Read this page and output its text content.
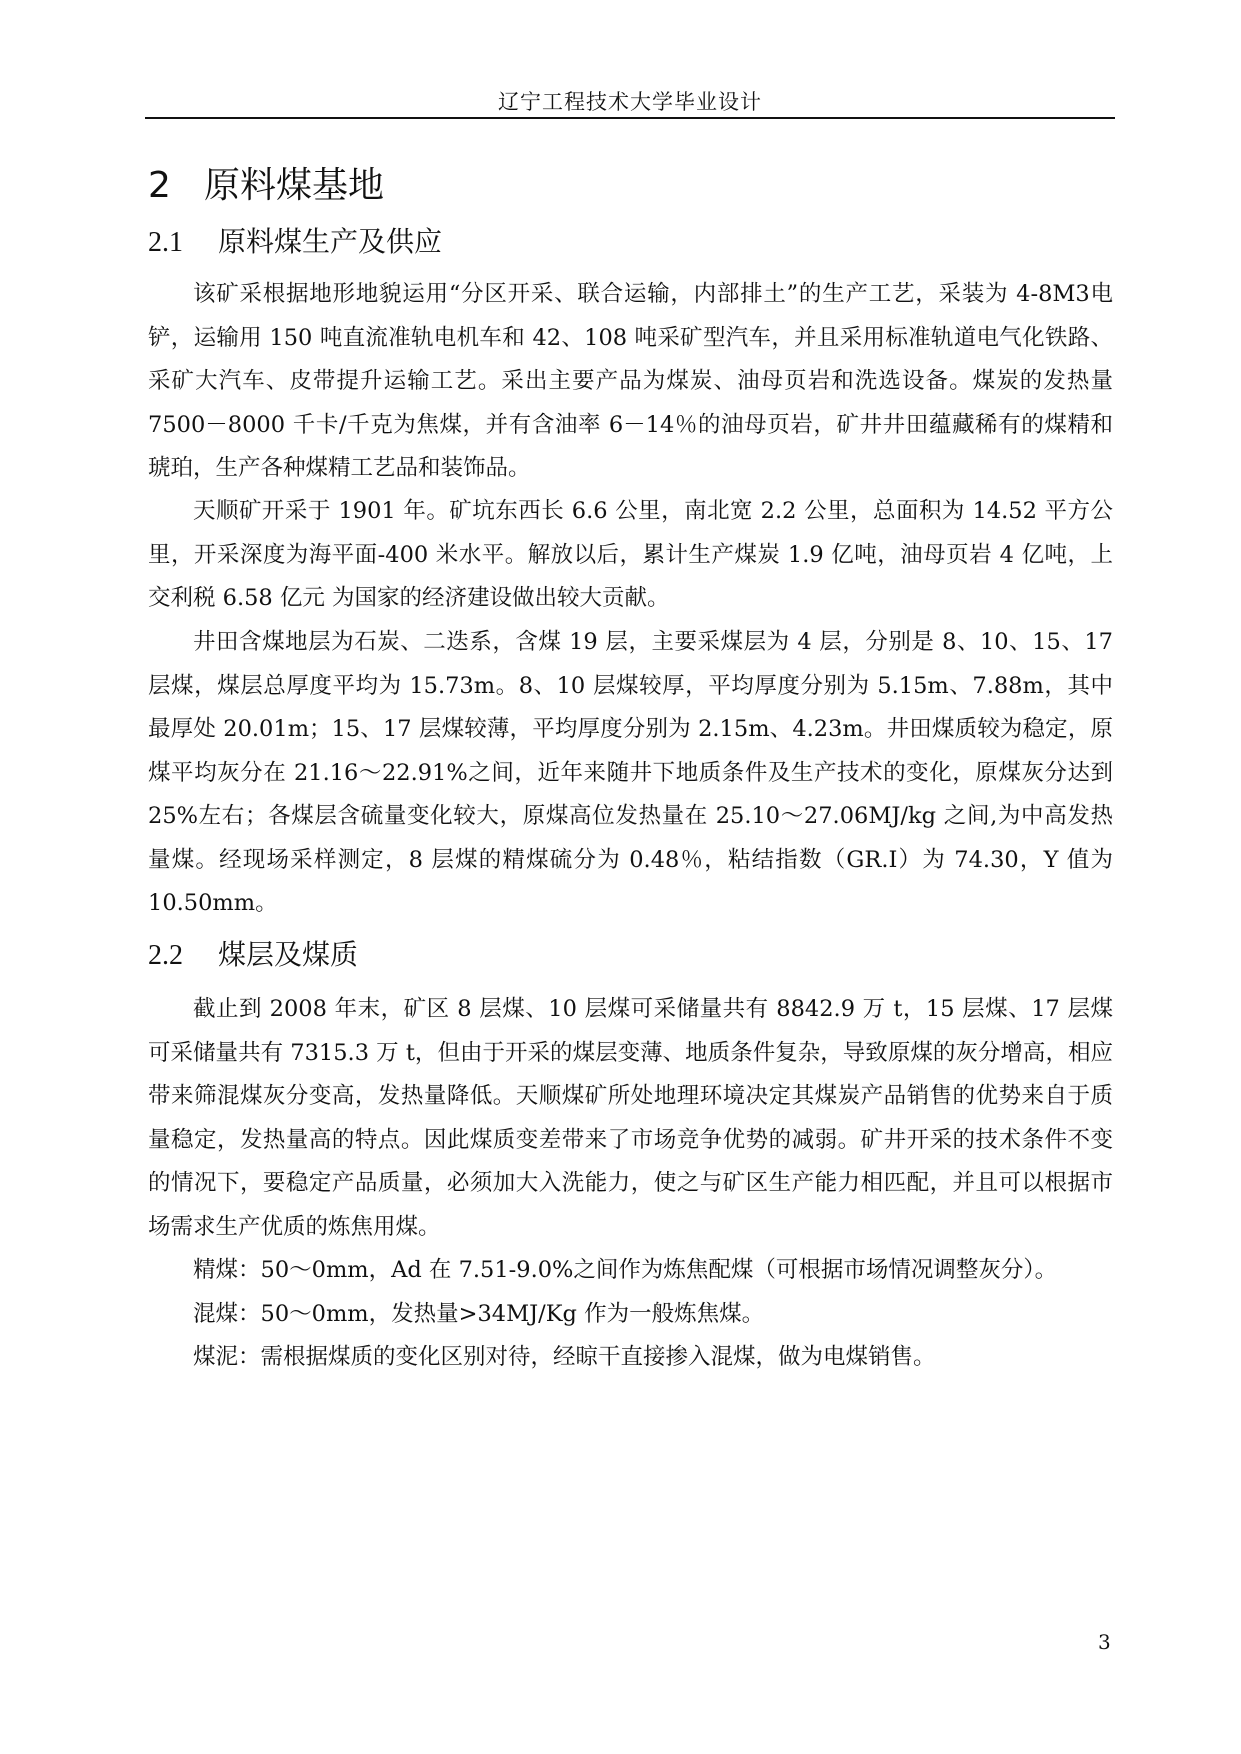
辽宁工程技术大学毕业设计
2 原料煤基地
2.1 原料煤生产及供应

该矿采根据地形地貌运用“分区开采、联合运输，内部排土”的生产工艺，采装为 4-8M3电铲，运输用 150 吨直流准轨电机车和 42、108 吨采矿型汽车，并且采用标准轨道电气化铁路、采矿大汽车、皮带提升运输工艺。采出主要产品为煤炭、油母页岩和洗选设备。煤炭的发热量 7500－8000 千卡/千克为焦煤，并有含油率 6－14％的油母页岩，矿井井田蕴藏稀有的煤精和琥珀，生产各种煤精工艺品和装饰品。

天顺矿开采于 1901 年。矿坑东西长 6.6 公里，南北宽 2.2 公里，总面积为 14.52 平方公里，开采深度为海平面-400 米水平。解放以后，累计生产煤炭 1.9 亿吨，油母页岩 4 亿吨，上交利税 6.58 亿元 为国家的经济建设做出较大贡献。

井田含煤地层为石炭、二迭系，含煤 19 层，主要采煤层为 4 层，分别是 8、10、15、17 层煤，煤层总厚度平均为 15.73m。8、10 层煤较厚，平均厚度分别为 5.15m、7.88m，其中最厚处 20.01m；15、17 层煤较薄，平均厚度分别为 2.15m、4.23m。井田煤质较为稳定，原煤平均灰分在 21.16～22.91%之间，近年来随井下地质条件及生产技术的变化，原煤灰分达到 25%左右；各煤层含硫量变化较大，原煤高位发热量在 25.10～27.06MJ/kg 之间,为中高发热量煤。经现场采样测定，8 层煤的精煤硫分为 0.48％，粘结指数（GR.I）为 74.30，Y 值为 10.50mm。

2.2 煤层及煤质

截止到 2008 年末，矿区 8 层煤、10 层煤可采储量共有 8842.9 万 t，15 层煤、17 层煤可采储量共有 7315.3 万 t，但由于开采的煤层变薄、地质条件复杂，导致原煤的灰分增高，相应带来筛混煤灰分变高，发热量降低。天顺煤矿所处地理环境决定其煤炭产品销售的优势来自于质量稳定，发热量高的特点。因此煤质变差带来了市场竞争优势的减弱。矿井开采的技术条件不变的情况下，要稳定产品质量，必须加大入洗能力，使之与矿区生产能力相匹配，并且可以根据市场需求生产优质的炼焦用煤。

精煤：50～0mm，Ad 在 7.51-9.0%之间作为炼焦配煤（可根据市场情况调整灰分）。

混煤：50～0mm，发热量>34MJ/Kg 作为一般炼焦煤。

煤泥：需根据煤质的变化区别对待，经晾干直接掺入混煤，做为电煤销售。

3
